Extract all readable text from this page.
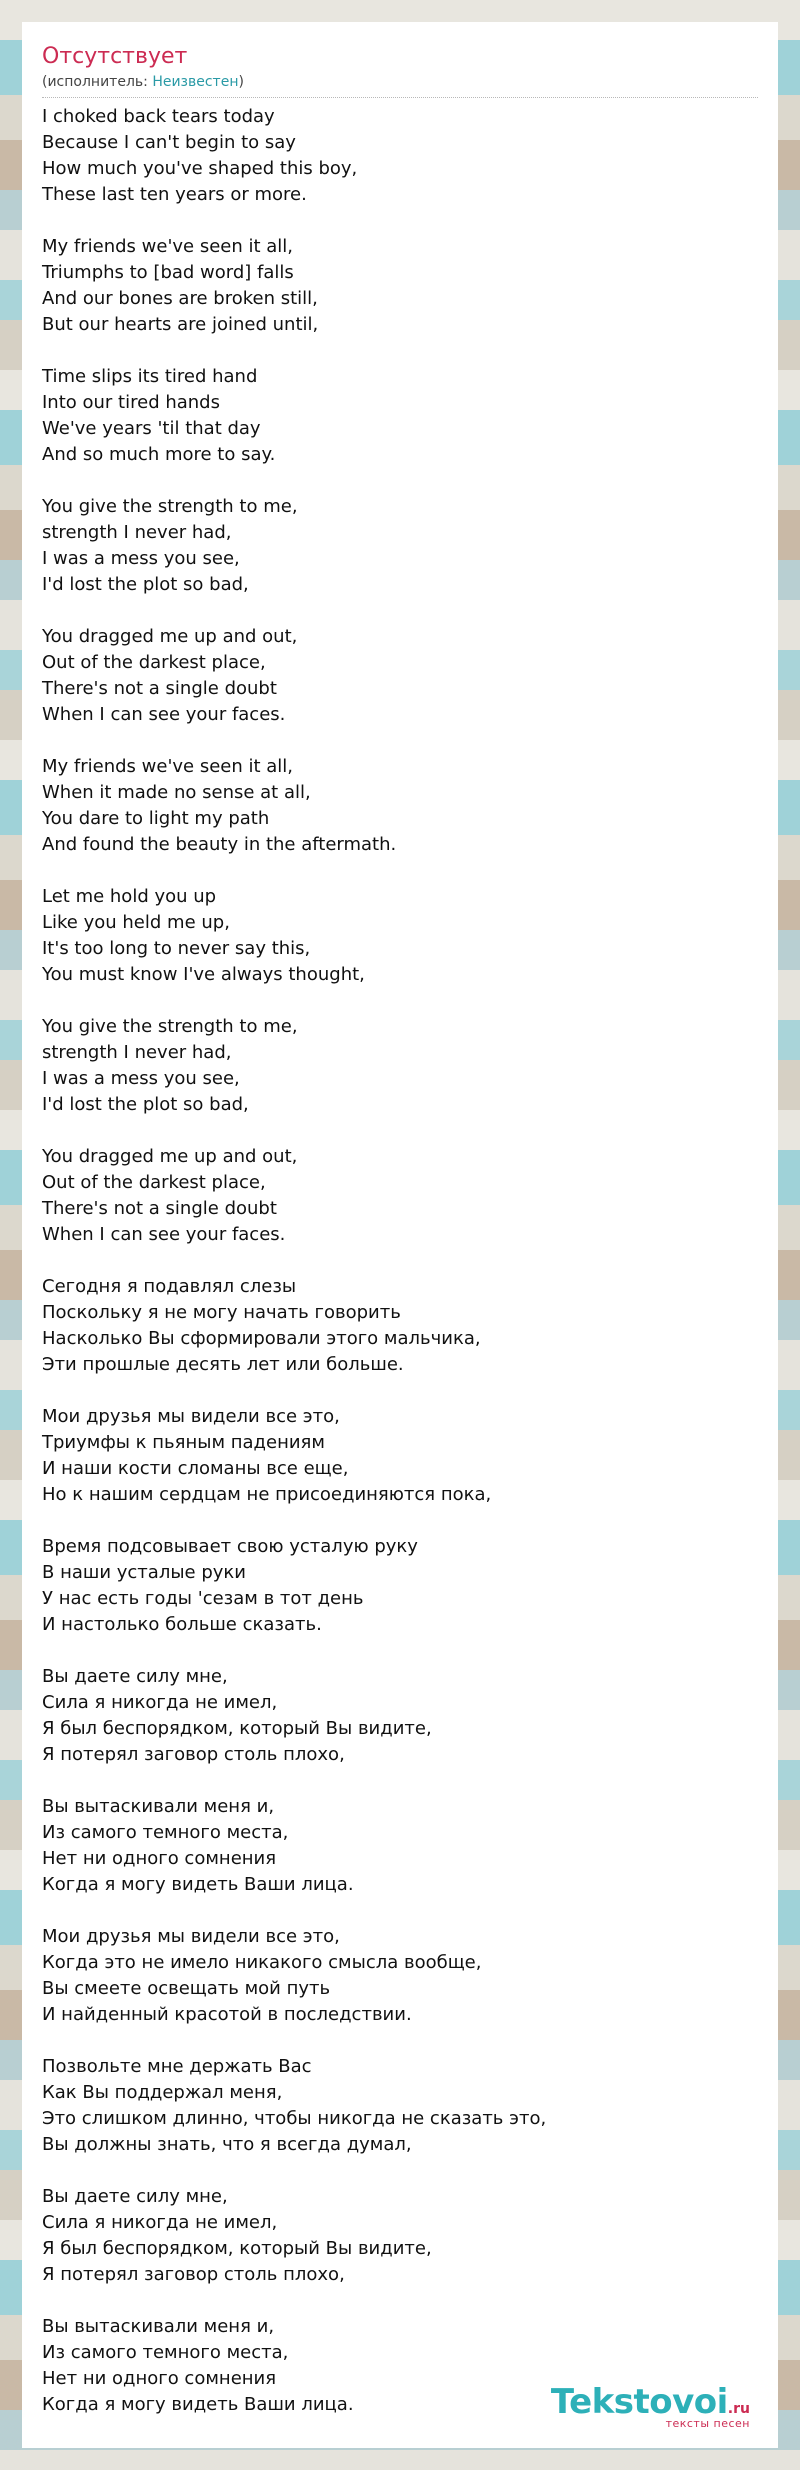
Отсутствует
(исполнитель: Неизвестен)
I choked back tears today
Because I can't begin to say
How much you've shaped this boy,
These last ten years or more.
My friends we've seen it all,
Triumphs to [bad word] falls
And our bones are broken still,
But our hearts are joined until,
Time slips its tired hand
Into our tired hands
We've years 'til that day
And so much more to say.
You give the strength to me,
strength I never had,
I was a mess you see,
I'd lost the plot so bad,
You dragged me up and out,
Out of the darkest place,
There's not a single doubt
When I can see your faces.
My friends we've seen it all,
When it made no sense at all,
You dare to light my path
And found the beauty in the aftermath.
Let me hold you up
Like you held me up,
It's too long to never say this,
You must know I've always thought,
You give the strength to me,
strength I never had,
I was a mess you see,
I'd lost the plot so bad,
You dragged me up and out,
Out of the darkest place,
There's not a single doubt
When I can see your faces.
Сегодня я подавлял слезы
Поскольку я не могу начать говорить
Насколько Вы сформировали этого мальчика,
Эти прошлые десять лет или больше.
Мои друзья мы видели все это,
Триумфы к пьяным падениям
И наши кости сломаны все еще,
Но к нашим сердцам не присоединяются пока,
Время подсовывает свою усталую руку
В наши усталые руки
У нас есть годы 'сезам в тот день
И настолько больше сказать.
Вы даете силу мне,
Сила я никогда не имел,
Я был беспорядком, который Вы видите,
Я потерял заговор столь плохо,
Вы вытаскивали меня и,
Из самого темного места,
Нет ни одного сомнения
Когда я могу видеть Ваши лица.
Мои друзья мы видели все это,
Когда это не имело никакого смысла вообще,
Вы смеете освещать мой путь
И найденный красотой в последствии.
Позвольте мне держать Вас
Как Вы поддержал меня,
Это слишком длинно, чтобы никогда не сказать это,
Вы должны знать, что я всегда думал,
Вы даете силу мне,
Сила я никогда не имел,
Я был беспорядком, который Вы видите,
Я потерял заговор столь плохо,
Вы вытаскивали меня и,
Из самого темного места,
Нет ни одного сомнения
Когда я могу видеть Ваши лица.	Tekstovoi.ru
тексты песен
